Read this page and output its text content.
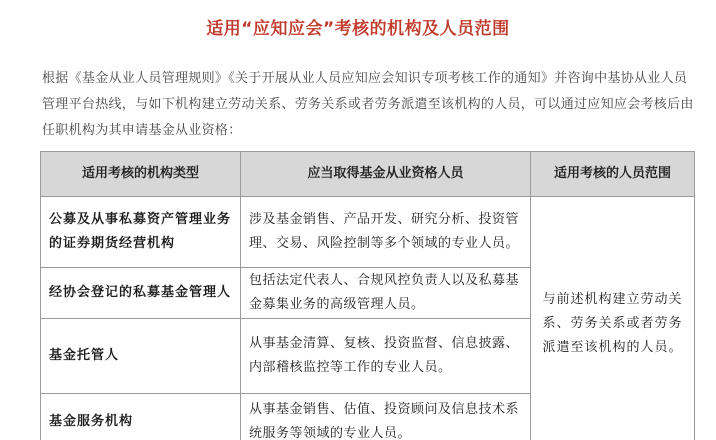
适用“应知应会”考核的机构及人员范围
根据《基金从业人员管理规则》《关于开展从业人员应知应会知识专项考核工作的通知》并咨询中基协从业人员管理平台热线，与如下机构建立劳动关系、劳务关系或者劳务派遣至该机构的人员，可以通过应知应会考核后由任职机构为其申请基金从业资格：
适用考核的机构类型	应当取得基金从业资格人员	适用考核的人员范围
公募及从事私募资产管理业务的证券期货经营机构	涉及基金销售、产品开发、研究分析、投资管理、交易、风险控制等多个领域的专业人员。	与前述机构建立劳动关系、劳务关系或者劳务派遣至该机构的人员。
经协会登记的私募基金管理人	包括法定代表人、合规风控负责人以及私募基金募集业务的高级管理人员。	
基金托管人	从事基金清算、复核、投资监督、信息披露、内部稽核监控等工作的专业人员。	
基金服务机构	从事基金销售、估值、投资顾问及信息技术系统服务等领域的专业人员。	
